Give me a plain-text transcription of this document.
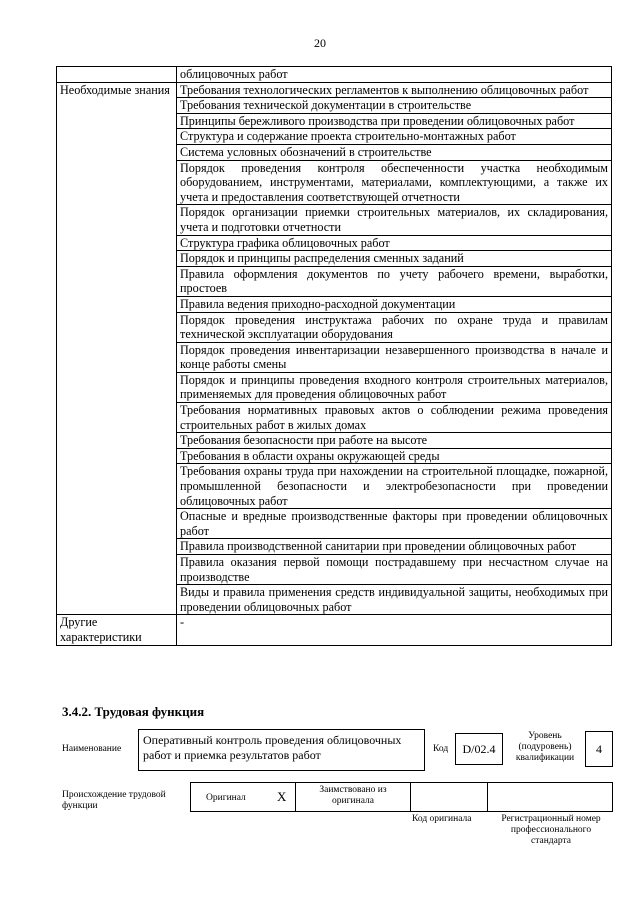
20
	облицовочных работ
Необходимые знания	Требования технологических регламентов к выполнению облицовочных работ
	Требования технической документации в строительстве
	Принципы бережливого производства при проведении облицовочных работ
	Структура и содержание проекта строительно-монтажных работ
	Система условных обозначений в строительстве
	Порядок проведения контроля обеспеченности участка необходимым оборудованием, инструментами, материалами, комплектующими, а также их учета и предоставления соответствующей отчетности
	Порядок организации приемки строительных материалов, их складирования, учета и подготовки отчетности
	Структура графика облицовочных работ
	Порядок и принципы распределения сменных заданий
	Правила оформления документов по учету рабочего времени, выработки, простоев
	Правила ведения приходно-расходной документации
	Порядок проведения инструктажа рабочих по охране труда и правилам технической эксплуатации оборудования
	Порядок проведения инвентаризации незавершенного производства в начале и конце работы смены
	Порядок и принципы проведения входного контроля строительных материалов, применяемых для проведения облицовочных работ
	Требования нормативных правовых актов о соблюдении режима проведения строительных работ в жилых домах
	Требования безопасности при работе на высоте
	Требования в области охраны окружающей среды
	Требования охраны труда при нахождении на строительной площадке, пожарной, промышленной безопасности и электробезопасности при проведении облицовочных работ
	Опасные и вредные производственные факторы при проведении облицовочных работ
	Правила производственной санитарии при проведении облицовочных работ
	Правила оказания первой помощи пострадавшему при несчастном случае на производстве
	Виды и правила применения средств индивидуальной защиты, необходимых при проведении облицовочных работ
Другие характеристики	-
3.4.2. Трудовая функция
Наименование
Оперативный контроль проведения облицовочных работ и приемка результатов работ	Код	D/02.4
Уровень (подуровень) квалификации
4
Происхождение трудовой функции
Оригинал X	Заимствовано из оригинала
Код оригинала	Регистрационный номер профессионального стандарта
